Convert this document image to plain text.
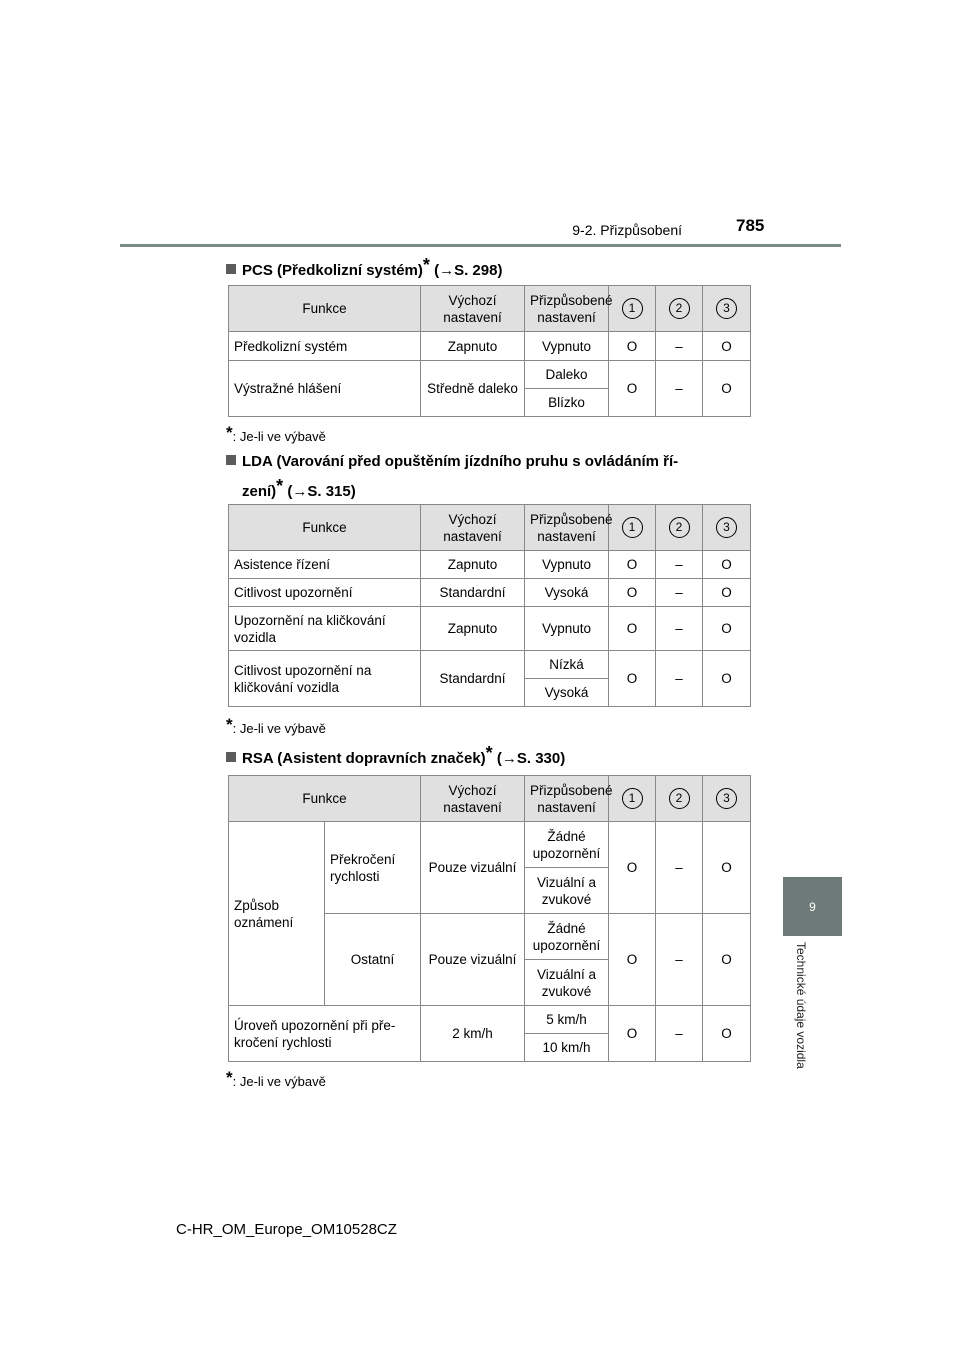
9-2. Přizpůsobení	785
9
Technické údaje vozidla
PCS (Předkolizní systém)* (→S. 298)
Funkce	Výchozí nastavení	Přizpůsobené nastavení	1	2	3
Předkolizní systém	Zapnuto	Vypnuto	O	–	O
Výstražné hlášení	Středně daleko	Daleko	O	–	O
		Blízko			
*: Je-li ve výbavě
LDA (Varování před opuštěním jízdního pruhu s ovládáním ří-
zení)* (→S. 315)
Funkce	Výchozí nastavení	Přizpůsobené nastavení	1	2	3
Asistence řízení	Zapnuto	Vypnuto	O	–	O
Citlivost upozornění	Standardní	Vysoká	O	–	O
Upozornění na kličkování vozidla	Zapnuto	Vypnuto	O	–	O
Citlivost upozornění na kličkování vozidla	Standardní	Nízká	O	–	O
		Vysoká			
*: Je-li ve výbavě
RSA (Asistent dopravních značek)* (→S. 330)
Funkce		Výchozí nastavení	Přizpůsobené nastavení	1	2	3
Způsob oznámení	Překročení rychlosti	Pouze vizuální	Žádné upozornění	O	–	O
			Vizuální a zvukové			
	Ostatní	Pouze vizuální	Žádné upozornění	O	–	O
			Vizuální a zvukové			
Úroveň upozornění při pře-kročení rychlosti		2 km/h	5 km/h	O	–	O
			10 km/h			
*: Je-li ve výbavě
C-HR_OM_Europe_OM10528CZ
